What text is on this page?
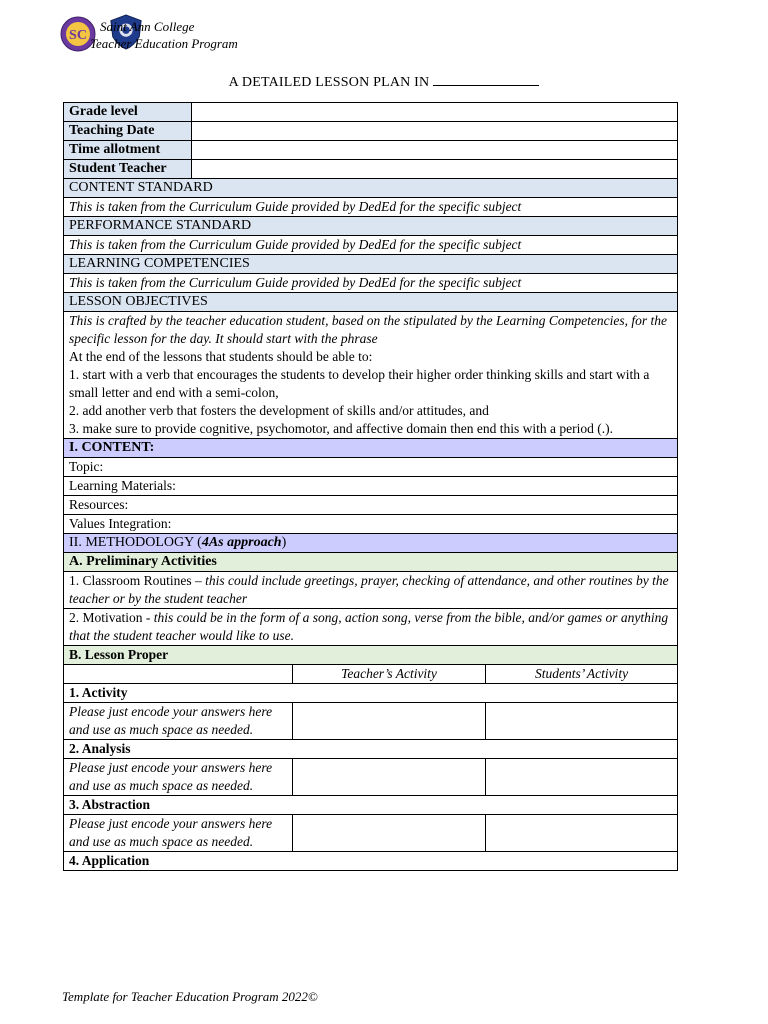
SC
Saint Ann College
Teacher Education Program
A DETAILED LESSON PLAN IN
Grade level			
Teaching Date			
Time allotment			
Student Teacher			
CONTENT STANDARD			
This is taken from the Curriculum Guide provided by DedEd for the specific subject			
PERFORMANCE STANDARD			
This is taken from the Curriculum Guide provided by DedEd for the specific subject			
LEARNING COMPETENCIES			
This is taken from the Curriculum Guide provided by DedEd for the specific subject			
LESSON OBJECTIVES			

This is crafted by the teacher education student, based on the stipulated by the Learning Competencies, for the specific lesson for the day. It should start with the phrase
At the end of the lessons that students should be able to:
1. start with a verb that encourages the students to develop their higher order thinking skills and start with a small letter and end with a semi-colon,
2. add another verb that fosters the development of skills and/or attitudes, and
3. make sure to provide cognitive, psychomotor, and affective domain then end this with a period (.).			

I. CONTENT:			
Topic:			
Learning Materials:			
Resources:			
Values Integration:			
II. METHODOLOGY (4As approach)			
A. Preliminary Activities			
1. Classroom Routines – this could include greetings, prayer, checking of attendance, and other routines by the teacher or by the student teacher			
2. Motivation - this could be in the form of a song, action song, verse from the bible, and/or games or anything that the student teacher would like to use.			
B. Lesson Proper			
		Teacher’s Activity	Students’ Activity
1. Activity			
Please just encode your answers here and use as much space as needed.			
2. Analysis			
Please just encode your answers here and use as much space as needed.			
3. Abstraction			
Please just encode your answers here and use as much space as needed.			
4. Application			
Template for Teacher Education Program 2022©
